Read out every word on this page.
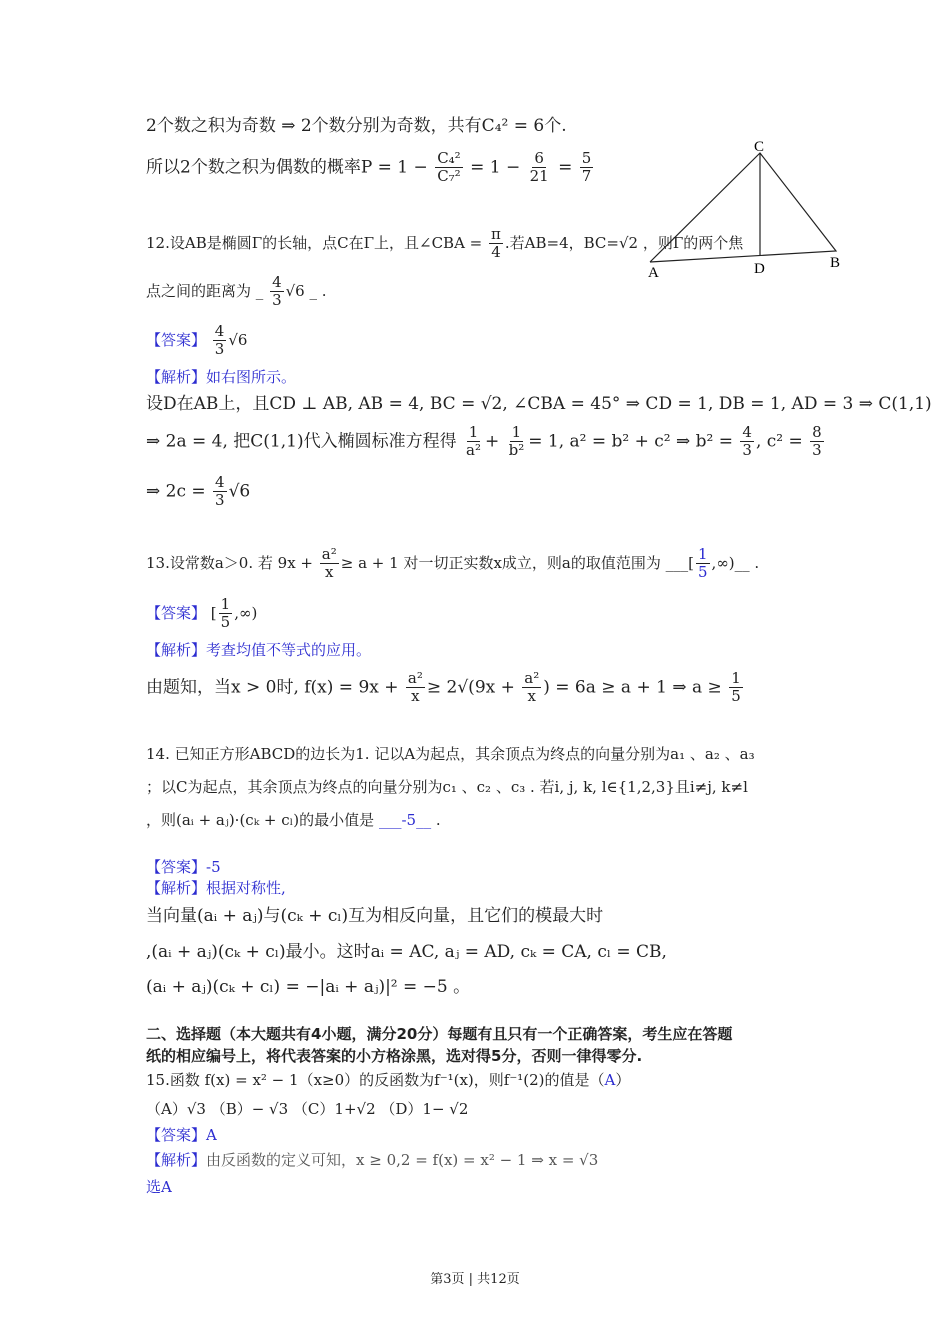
2个数之积为奇数 ⇒ 2个数分别为奇数，共有C₄² = 6个.
所以2个数之积为偶数的概率$P = 1 - \frac{\text{C₄²}}{\text{C₇²}} = 1 - \frac{6}{21} = \frac{5}{7}$
C
A	D	B
12.设AB是椭圆Γ的长轴，点C在Γ上，且∠CBA = $\frac{\pi}{4}$ .若AB=4，BC=√2 ，则Γ的两个焦
点之间的距离为 _ $\frac{4}{3} √6$ _ .
【答案】 $\frac{4}{3} √6$
【解析】如右图所示。
设D在AB上，且CD ⊥ AB, AB = 4, BC = √2, ∠CBA = 45° ⇒ CD = 1, DB = 1, AD = 3 ⇒ C(1,1)
⇒ 2a = 4, 把C(1,1)代入椭圆标准方程得 $\frac{1}{\text{a²}} + \frac{1}{\text{b²}} = 1$, a² = b² + c² ⇒ $b^2 = \frac{4}{3}$ , $c^2 = \frac{8}{3}$
⇒ $2c = \frac{4}{3} √6$
13.设常数a＞0. 若 $9x + \frac{\text{a²}}{x} \ge a + 1$ 对一切正实数x成立，则a的取值范围为 ___[ $\frac{1}{5}$ ,∞)__ .
【答案】 [ $\frac{1}{5}$ ,∞)
【解析】考查均值不等式的应用。
由题知，当x > 0时, $f(x) = 9x + \frac{\text{a²}}{x} \ge 2√(9x + \frac{\text{a²}}{x}$ ) = 6a ≥ a + 1 ⇒ $a \ge \frac{1}{5}$
14. 已知正方形ABCD的边长为1. 记以A为起点，其余顶点为终点的向量分别为a₁ 、a₂ 、a₃
；以C为起点，其余顶点为终点的向量分别为c₁ 、c₂ 、c₃ . 若i, j, k, l∈{1,2,3}且i≠j, k≠l
，则(aᵢ + aⱼ)·(cₖ + cₗ)的最小值是 ___-5__ .
【答案】-5
【解析】根据对称性,
当向量(aᵢ + aⱼ)与(cₖ + cₗ)互为相反向量，且它们的模最大时
,(aᵢ + aⱼ)(cₖ + cₗ)最小。这时aᵢ = AC, aⱼ = AD, cₖ = CA, cₗ = CB,
(aᵢ + aⱼ)(cₖ + cₗ) = −|aᵢ + aⱼ)|² = −5 。
二、选择题（本大题共有4小题，满分20分）每题有且只有一个正确答案，考生应在答题
纸的相应编号上，将代表答案的小方格涂黑，选对得5分，否则一律得零分.
15.函数 f(x) = x² − 1（x≥0）的反函数为f⁻¹(x)，则f⁻¹(2)的值是（A）
（A）√3 （B）− √3 （C）1+√2 （D）1− √2
【答案】A
【解析】由反函数的定义可知，x ≥ 0,2 = f(x) = x² − 1 ⇒ x = √3
选A
第3页 | 共12页
